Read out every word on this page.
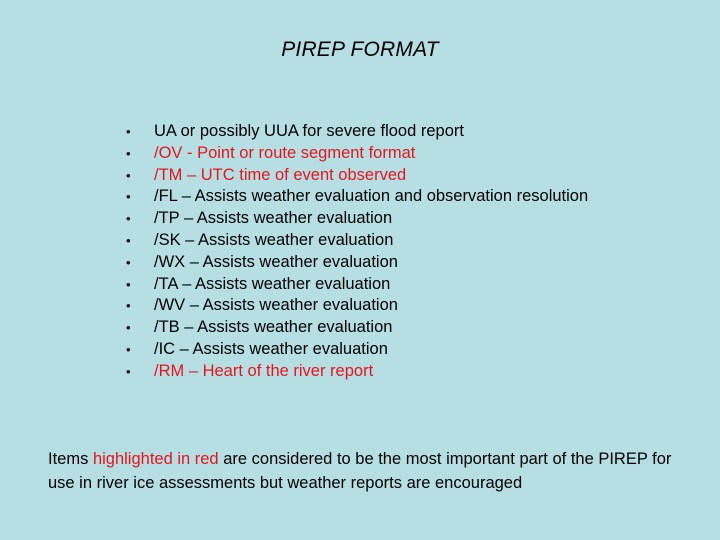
PIREP FORMAT
• UA or possibly UUA for severe flood report
• /OV - Point or route segment format
• /TM – UTC time of event observed
• /FL – Assists weather evaluation and observation resolution
• /TP – Assists weather evaluation
• /SK – Assists weather evaluation
• /WX – Assists weather evaluation
• /TA – Assists weather evaluation
• /WV – Assists weather evaluation
• /TB – Assists weather evaluation
• /IC – Assists weather evaluation
• /RM – Heart of the river report
Items highlighted in red are considered to be the most important part of the PIREP for use in river ice assessments but weather reports are encouraged
